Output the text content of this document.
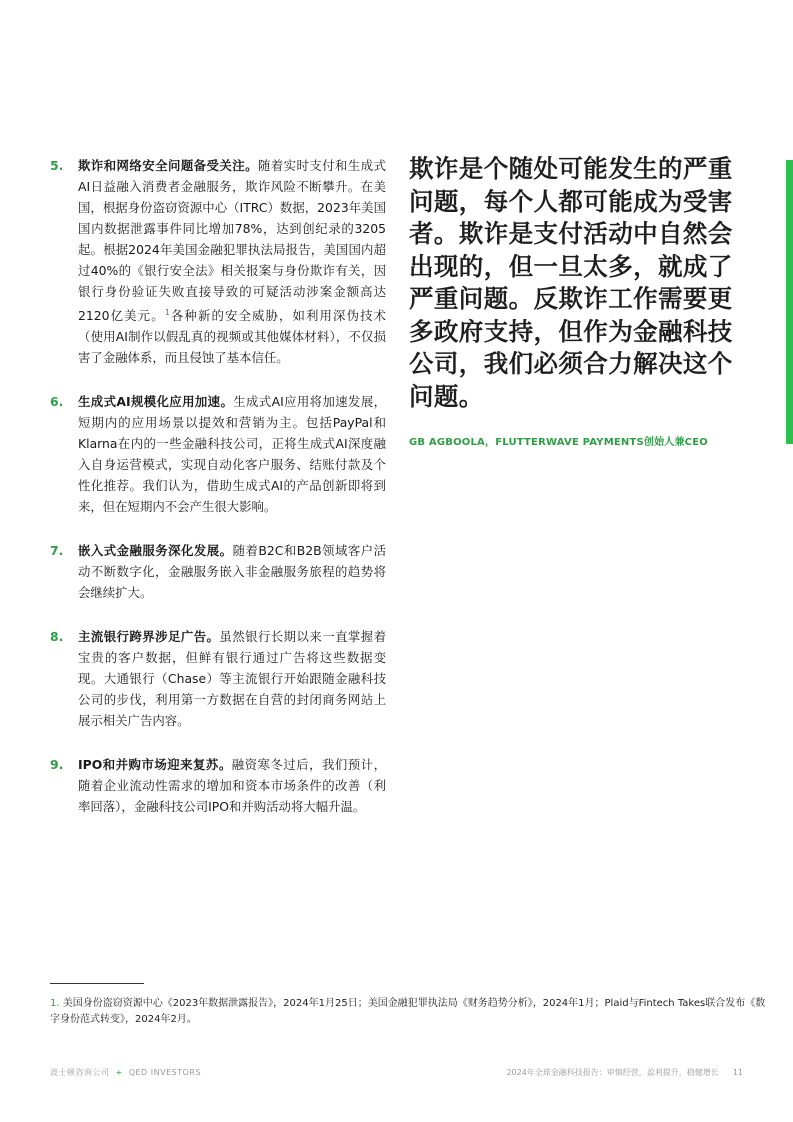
5. 欺诈和网络安全问题备受关注。随着实时支付和生成式AI日益融入消费者金融服务，欺诈风险不断攀升。在美国，根据身份盗窃资源中心（ITRC）数据，2023年美国国内数据泄露事件同比增加78%，达到创纪录的3205起。根据2024年美国金融犯罪执法局报告，美国国内超过40%的《银行安全法》相关报案与身份欺诈有关，因银行身份验证失败直接导致的可疑活动涉案金额高达2120亿美元。$^1$各种新的安全威胁，如利用深伪技术（使用AI制作以假乱真的视频或其他媒体材料），不仅损害了金融体系，而且侵蚀了基本信任。
6. 生成式AI规模化应用加速。生成式AI应用将加速发展，短期内的应用场景以提效和营销为主。包括PayPal和Klarna在内的一些金融科技公司，正将生成式AI深度融入自身运营模式，实现自动化客户服务、结账付款及个性化推荐。我们认为，借助生成式AI的产品创新即将到来，但在短期内不会产生很大影响。
7. 嵌入式金融服务深化发展。随着B2C和B2B领域客户活动不断数字化，金融服务嵌入非金融服务旅程的趋势将会继续扩大。
8. 主流银行跨界涉足广告。虽然银行长期以来一直掌握着宝贵的客户数据，但鲜有银行通过广告将这些数据变现。大通银行（Chase）等主流银行开始跟随金融科技公司的步伐，利用第一方数据在自营的封闭商务网站上展示相关广告内容。
9. IPO和并购市场迎来复苏。融资寒冬过后，我们预计，随着企业流动性需求的增加和资本市场条件的改善（利率回落），金融科技公司IPO和并购活动将大幅升温。
欺诈是个随处可能发生的严重问题，每个人都可能成为受害者。欺诈是支付活动中自然会出现的，但一旦太多，就成了严重问题。反欺诈工作需要更多政府支持，但作为金融科技公司，我们必须合力解决这个问题。
GB AGBOOLA，FLUTTERWAVE PAYMENTS创始人兼CEO
1. 美国身份盗窃资源中心《2023年数据泄露报告》，2024年1月25日；美国金融犯罪执法局《财务趋势分析》，2024年1月；Plaid与Fintech Takes联合发布《数字身份范式转变》，2024年2月。
波士顿咨询公司 + QED INVESTORS	2024年全球金融科技报告：审慎经营，盈利提升，稳健增长 11
